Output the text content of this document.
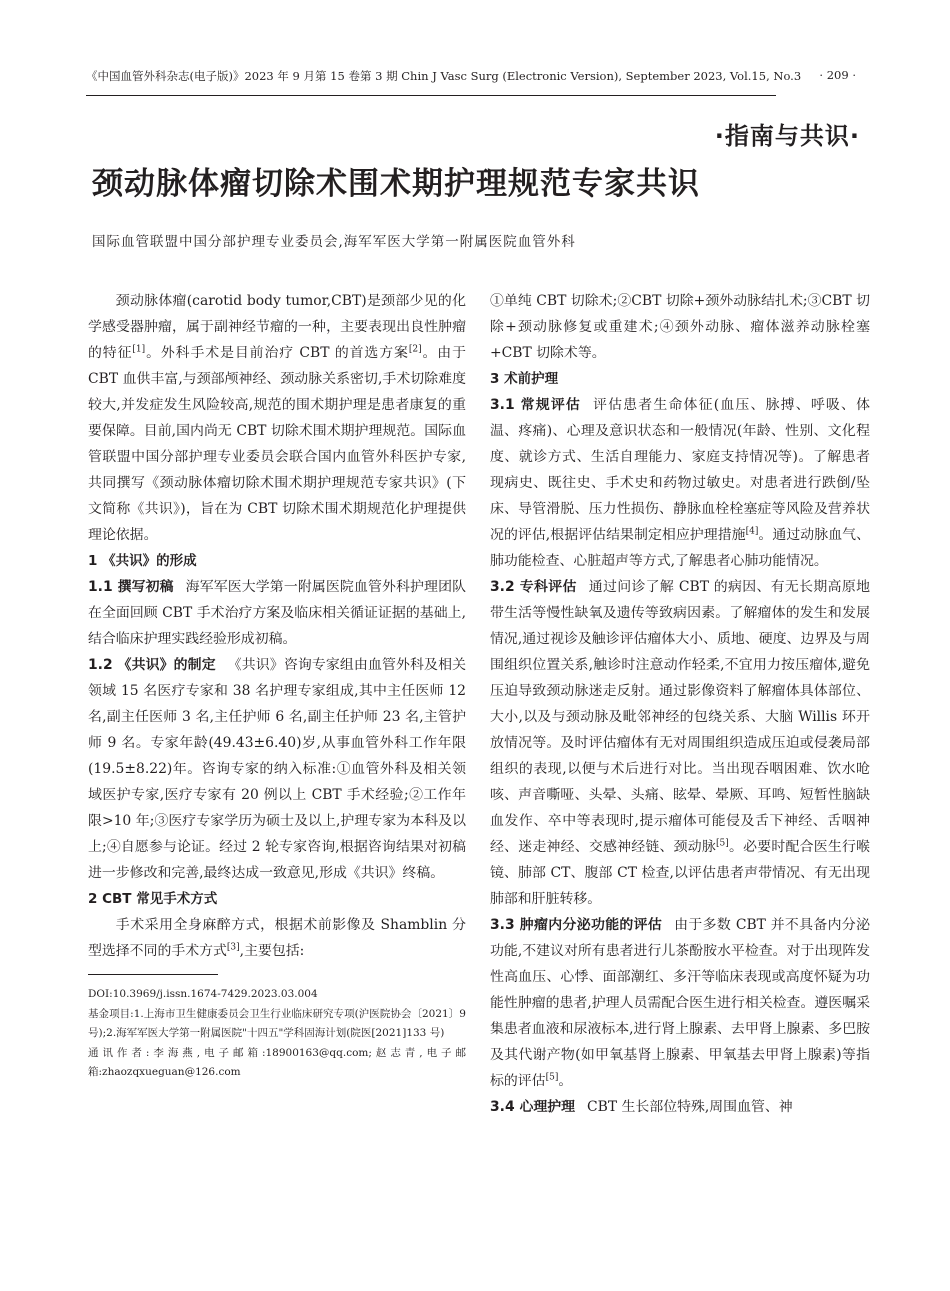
《中国血管外科杂志(电子版)》2023 年 9 月第 15 卷第 3 期 Chin J Vasc Surg (Electronic Version), September 2023, Vol.15, No.3 · 209 ·
·指南与共识·
颈动脉体瘤切除术围术期护理规范专家共识
国际血管联盟中国分部护理专业委员会,海军军医大学第一附属医院血管外科

颈动脉体瘤(carotid body tumor,CBT)是颈部少见的化学感受器肿瘤，属于副神经节瘤的一种，主要表现出良性肿瘤的特征[1]。外科手术是目前治疗 CBT 的首选方案[2]。由于 CBT 血供丰富,与颈部颅神经、颈动脉关系密切,手术切除难度较大,并发症发生风险较高,规范的围术期护理是患者康复的重要保障。目前,国内尚无 CBT 切除术围术期护理规范。国际血管联盟中国分部护理专业委员会联合国内血管外科医护专家,共同撰写《颈动脉体瘤切除术围术期护理规范专家共识》(下文简称《共识》)，旨在为 CBT 切除术围术期规范化护理提供理论依据。

1 《共识》的形成

1.1 撰写初稿 海军军医大学第一附属医院血管外科护理团队在全面回顾 CBT 手术治疗方案及临床相关循证证据的基础上,结合临床护理实践经验形成初稿。

1.2 《共识》的制定 《共识》咨询专家组由血管外科及相关领域 15 名医疗专家和 38 名护理专家组成,其中主任医师 12 名,副主任医师 3 名,主任护师 6 名,副主任护师 23 名,主管护师 9 名。专家年龄(49.43±6.40)岁,从事血管外科工作年限(19.5±8.22)年。咨询专家的纳入标准:①血管外科及相关领域医护专家,医疗专家有 20 例以上 CBT 手术经验;②工作年限>10 年;③医疗专家学历为硕士及以上,护理专家为本科及以上;④自愿参与论证。经过 2 轮专家咨询,根据咨询结果对初稿进一步修改和完善,最终达成一致意见,形成《共识》终稿。

2 CBT 常见手术方式

手术采用全身麻醉方式，根据术前影像及 Shamblin 分型选择不同的手术方式[3],主要包括:

DOI:10.3969/j.issn.1674-7429.2023.03.004

基金项目:1.上海市卫生健康委员会卫生行业临床研究专项(沪医院协会〔2021〕9 号);2.海军军医大学第一附属医院"十四五"学科固海计划(院医[2021]133 号)

通讯作者:李海燕,电子邮箱:18900163@qq.com;赵志青,电子邮箱:zhaozqxueguan@126.com

①单纯 CBT 切除术;②CBT 切除+颈外动脉结扎术;③CBT 切除+颈动脉修复或重建术;④颈外动脉、瘤体滋养动脉栓塞+CBT 切除术等。

3 术前护理

3.1 常规评估 评估患者生命体征(血压、脉搏、呼吸、体温、疼痛)、心理及意识状态和一般情况(年龄、性别、文化程度、就诊方式、生活自理能力、家庭支持情况等)。了解患者现病史、既往史、手术史和药物过敏史。对患者进行跌倒/坠床、导管滑脱、压力性损伤、静脉血栓栓塞症等风险及营养状况的评估,根据评估结果制定相应护理措施[4]。通过动脉血气、肺功能检查、心脏超声等方式,了解患者心肺功能情况。

3.2 专科评估 通过问诊了解 CBT 的病因、有无长期高原地带生活等慢性缺氧及遗传等致病因素。了解瘤体的发生和发展情况,通过视诊及触诊评估瘤体大小、质地、硬度、边界及与周围组织位置关系,触诊时注意动作轻柔,不宜用力按压瘤体,避免压迫导致颈动脉迷走反射。通过影像资料了解瘤体具体部位、大小,以及与颈动脉及毗邻神经的包绕关系、大脑 Willis 环开放情况等。及时评估瘤体有无对周围组织造成压迫或侵袭局部组织的表现,以便与术后进行对比。当出现吞咽困难、饮水呛咳、声音嘶哑、头晕、头痛、眩晕、晕厥、耳鸣、短暂性脑缺血发作、卒中等表现时,提示瘤体可能侵及舌下神经、舌咽神经、迷走神经、交感神经链、颈动脉[5]。必要时配合医生行喉镜、肺部 CT、腹部 CT 检查,以评估患者声带情况、有无出现肺部和肝脏转移。

3.3 肿瘤内分泌功能的评估 由于多数 CBT 并不具备内分泌功能,不建议对所有患者进行儿茶酚胺水平检查。对于出现阵发性高血压、心悸、面部潮红、多汗等临床表现或高度怀疑为功能性肿瘤的患者,护理人员需配合医生进行相关检查。遵医嘱采集患者血液和尿液标本,进行肾上腺素、去甲肾上腺素、多巴胺及其代谢产物(如甲氧基肾上腺素、甲氧基去甲肾上腺素)等指标的评估[5]。

3.4 心理护理 CBT 生长部位特殊,周围血管、神
